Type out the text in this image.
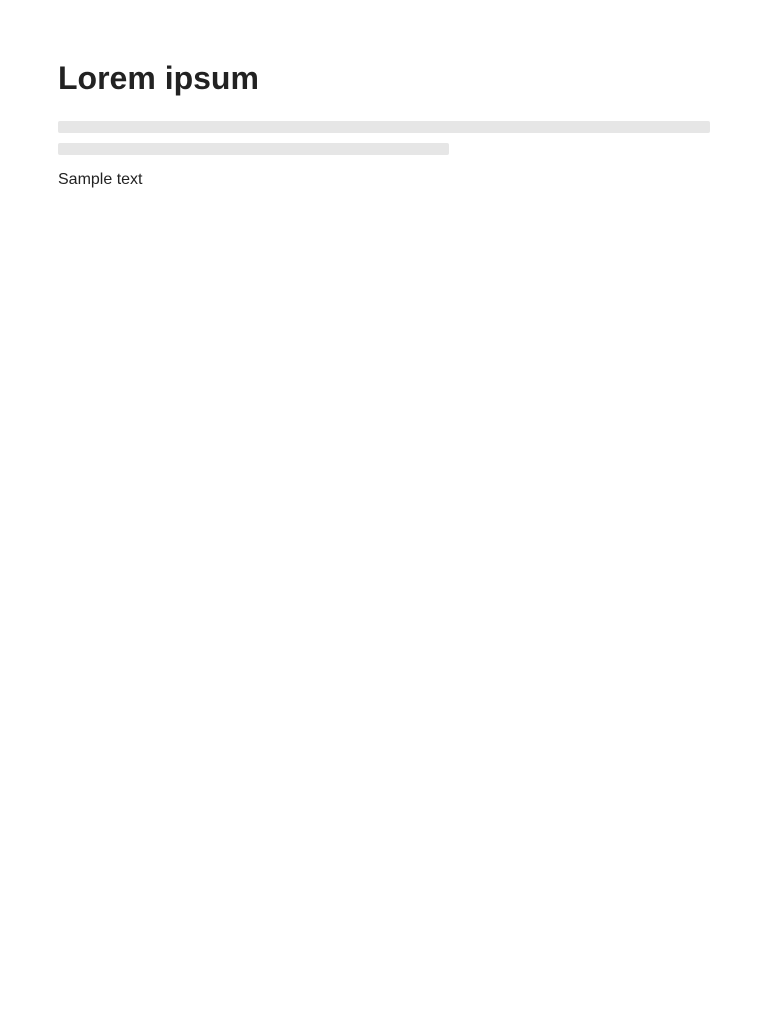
Lorem ipsum

Sample text
